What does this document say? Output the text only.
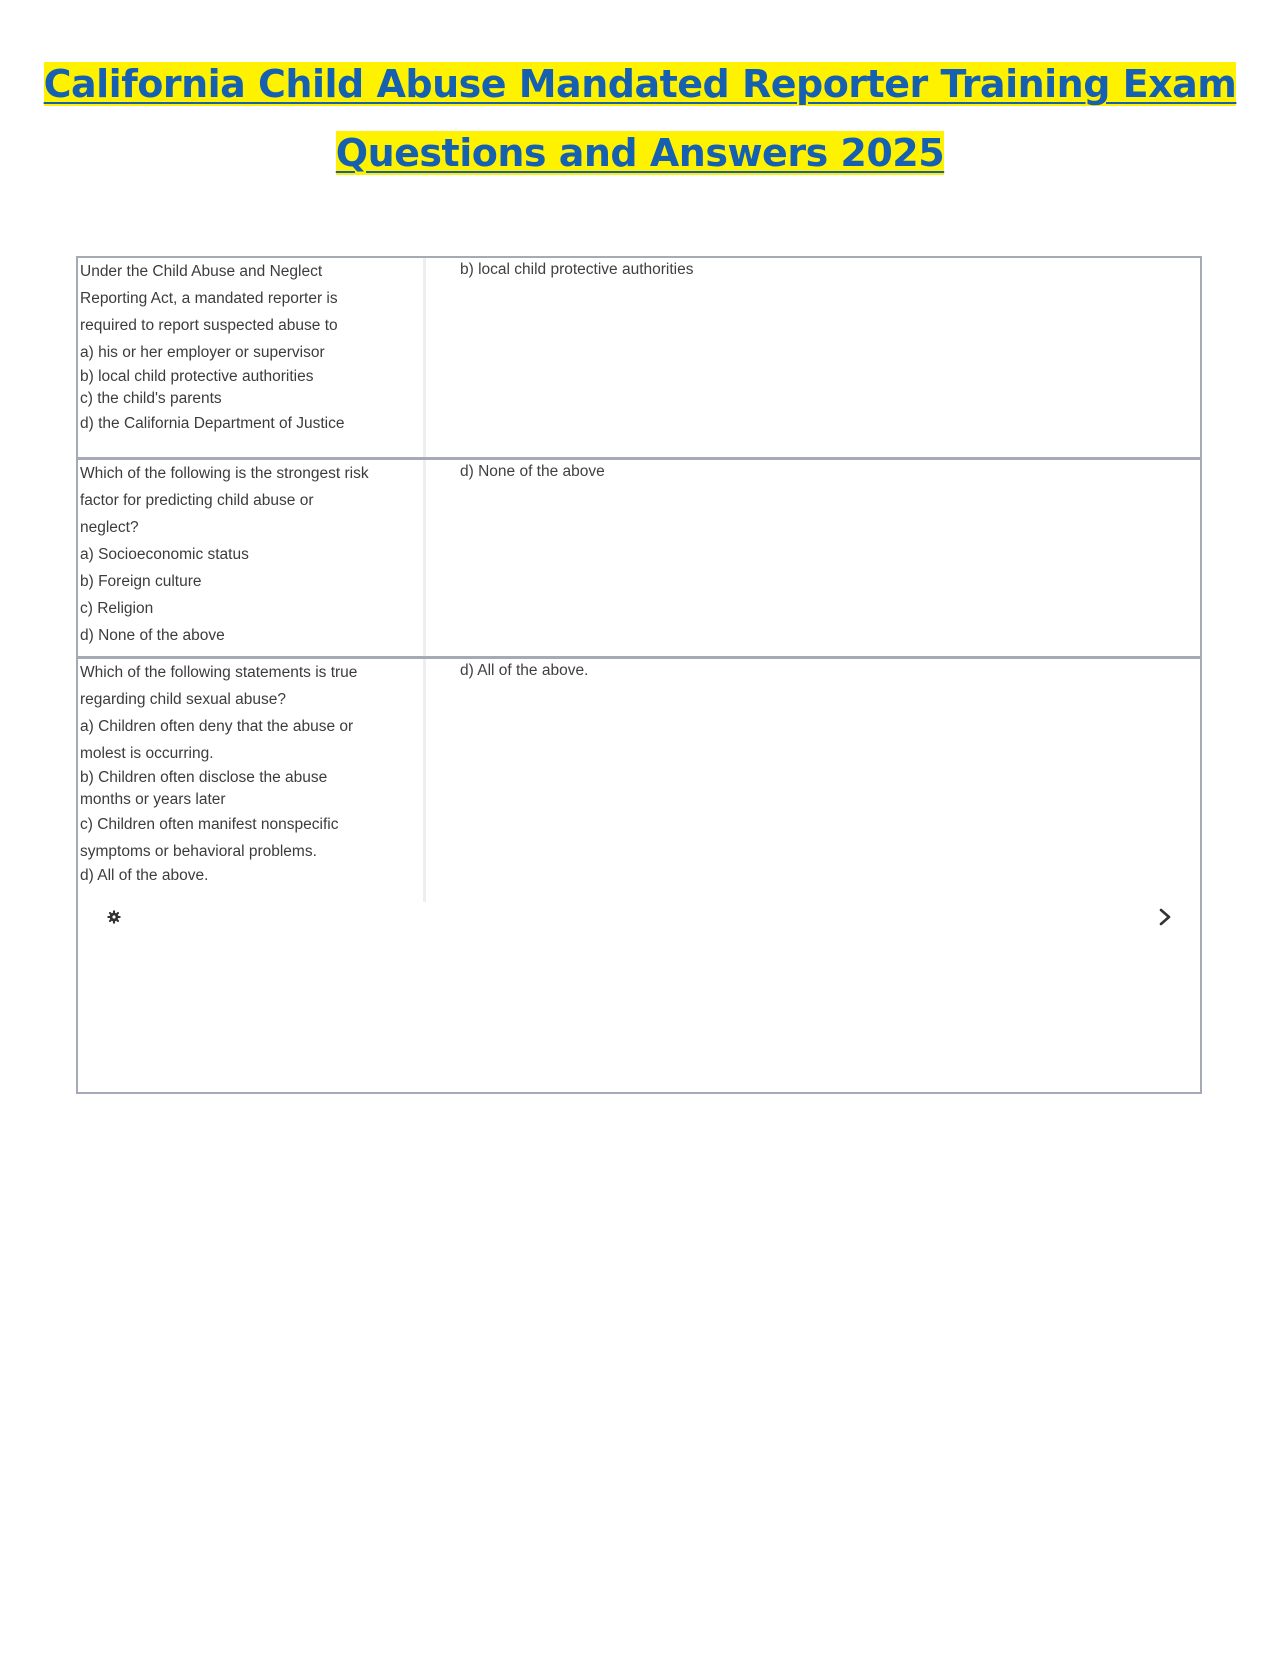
California Child Abuse Mandated Reporter Training Exam
Questions and Answers 2025
Under the Child Abuse and Neglect
Reporting Act, a mandated reporter is
required to report suspected abuse to
a) his or her employer or supervisor
b) local child protective authorities
c) the child's parents
d) the California Department of Justice
b) local child protective authorities
Which of the following is the strongest risk
factor for predicting child abuse or
neglect?
a) Socioeconomic status
b) Foreign culture
c) Religion
d) None of the above
d) None of the above
Which of the following statements is true
regarding child sexual abuse?
a) Children often deny that the abuse or
molest is occurring.
b) Children often disclose the abuse
months or years later
c) Children often manifest nonspecific
symptoms or behavioral problems.
d) All of the above.
d) All of the above.
